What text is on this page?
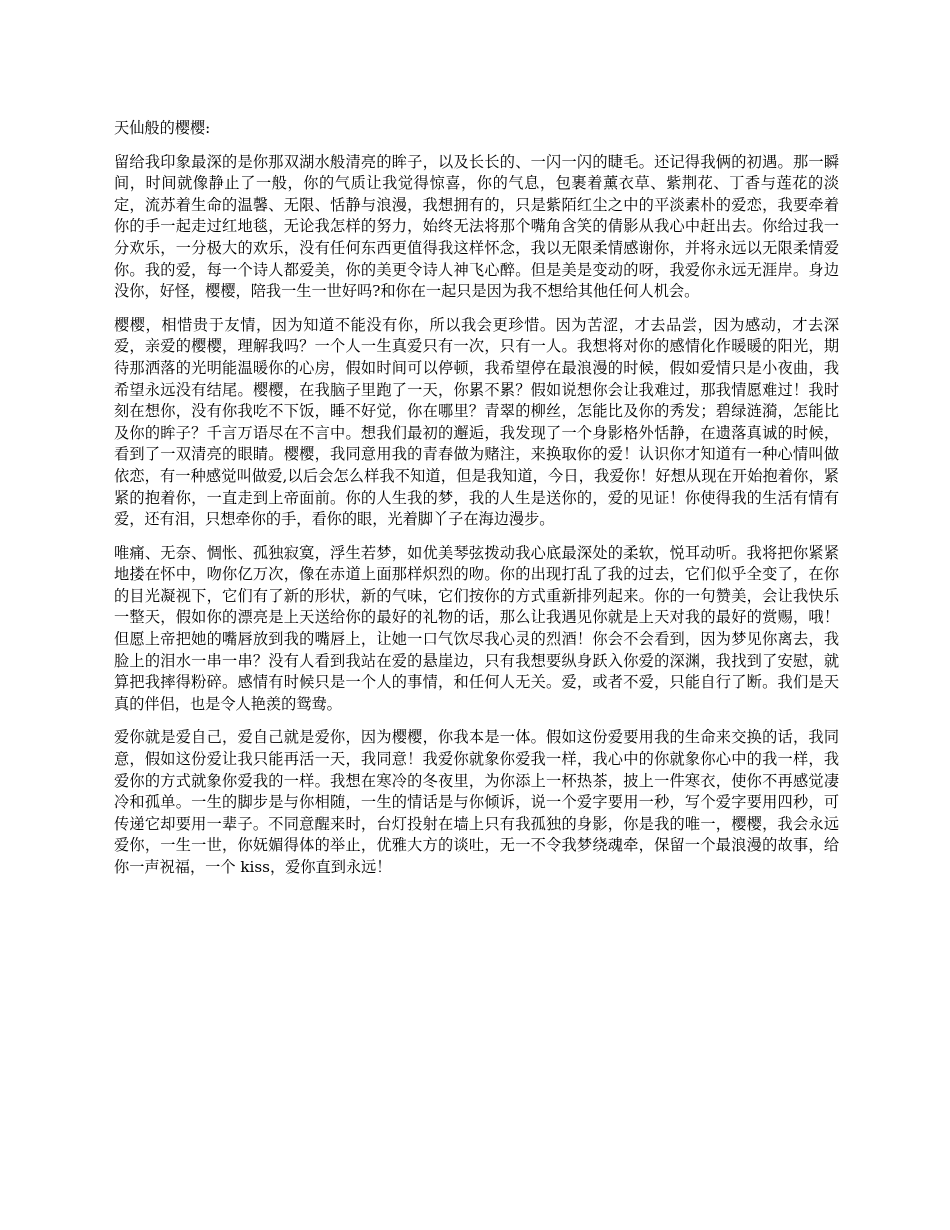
天仙般的樱樱:

留给我印象最深的是你那双湖水般清亮的眸子，以及长长的、一闪一闪的睫毛。还记得我俩的初遇。那一瞬间，时间就像静止了一般，你的气质让我觉得惊喜，你的气息，包裹着薰衣草、紫荆花、丁香与莲花的淡定，流苏着生命的温馨、无限、恬静与浪漫，我想拥有的，只是紫陌红尘之中的平淡素朴的爱恋，我要牵着你的手一起走过红地毯，无论我怎样的努力，始终无法将那个嘴角含笑的倩影从我心中赶出去。你给过我一分欢乐，一分极大的欢乐，没有任何东西更值得我这样怀念，我以无限柔情感谢你，并将永远以无限柔情爱你。我的爱，每一个诗人都爱美，你的美更令诗人神飞心醉。但是美是变动的呀，我爱你永远无涯岸。身边没你，好怪，樱樱，陪我一生一世好吗?和你在一起只是因为我不想给其他任何人机会。

樱樱，相惜贵于友情，因为知道不能没有你，所以我会更珍惜。因为苦涩，才去品尝，因为感动，才去深爱，亲爱的樱樱，理解我吗？一个人一生真爱只有一次，只有一人。我想将对你的感情化作暖暖的阳光，期待那洒落的光明能温暖你的心房，假如时间可以停顿，我希望停在最浪漫的时候，假如爱情只是小夜曲，我希望永远没有结尾。樱樱，在我脑子里跑了一天，你累不累？假如说想你会让我难过，那我情愿难过！我时刻在想你，没有你我吃不下饭，睡不好觉，你在哪里？青翠的柳丝，怎能比及你的秀发；碧绿涟漪，怎能比及你的眸子？千言万语尽在不言中。想我们最初的邂逅，我发现了一个身影格外恬静，在遗落真诚的时候，看到了一双清亮的眼睛。樱樱，我同意用我的青春做为赌注，来换取你的爱！认识你才知道有一种心情叫做依恋，有一种感觉叫做爱,以后会怎么样我不知道，但是我知道，今日，我爱你！好想从现在开始抱着你，紧紧的抱着你，一直走到上帝面前。你的人生我的梦，我的人生是送你的，爱的见证！你使得我的生活有情有爱，还有泪，只想牵你的手，看你的眼，光着脚丫子在海边漫步。

唯痛、无奈、惆怅、孤独寂寞，浮生若梦，如优美琴弦拨动我心底最深处的柔软，悦耳动听。我将把你紧紧地搂在怀中，吻你亿万次，像在赤道上面那样炽烈的吻。你的出现打乱了我的过去，它们似乎全变了，在你的目光凝视下，它们有了新的形状，新的气味，它们按你的方式重新排列起来。你的一句赞美，会让我快乐一整天，假如你的漂亮是上天送给你的最好的礼物的话，那么让我遇见你就是上天对我的最好的赏赐，哦！但愿上帝把她的嘴唇放到我的嘴唇上，让她一口气饮尽我心灵的烈酒！你会不会看到，因为梦见你离去，我脸上的泪水一串一串？没有人看到我站在爱的悬崖边，只有我想要纵身跃入你爱的深渊，我找到了安慰，就算把我摔得粉碎。感情有时候只是一个人的事情，和任何人无关。爱，或者不爱，只能自行了断。我们是天真的伴侣，也是令人艳羡的鸳鸯。

爱你就是爱自己，爱自己就是爱你，因为樱樱，你我本是一体。假如这份爱要用我的生命来交换的话，我同意，假如这份爱让我只能再活一天，我同意！我爱你就象你爱我一样，我心中的你就象你心中的我一样，我爱你的方式就象你爱我的一样。我想在寒冷的冬夜里，为你添上一杯热茶，披上一件寒衣，使你不再感觉凄冷和孤单。一生的脚步是与你相随，一生的情话是与你倾诉，说一个爱字要用一秒，写个爱字要用四秒，可传递它却要用一辈子。不同意醒来时，台灯投射在墙上只有我孤独的身影，你是我的唯一，樱樱，我会永远爱你，一生一世，你妩媚得体的举止，优雅大方的谈吐，无一不令我梦绕魂牵，保留一个最浪漫的故事，给你一声祝福，一个 kiss，爱你直到永远！
